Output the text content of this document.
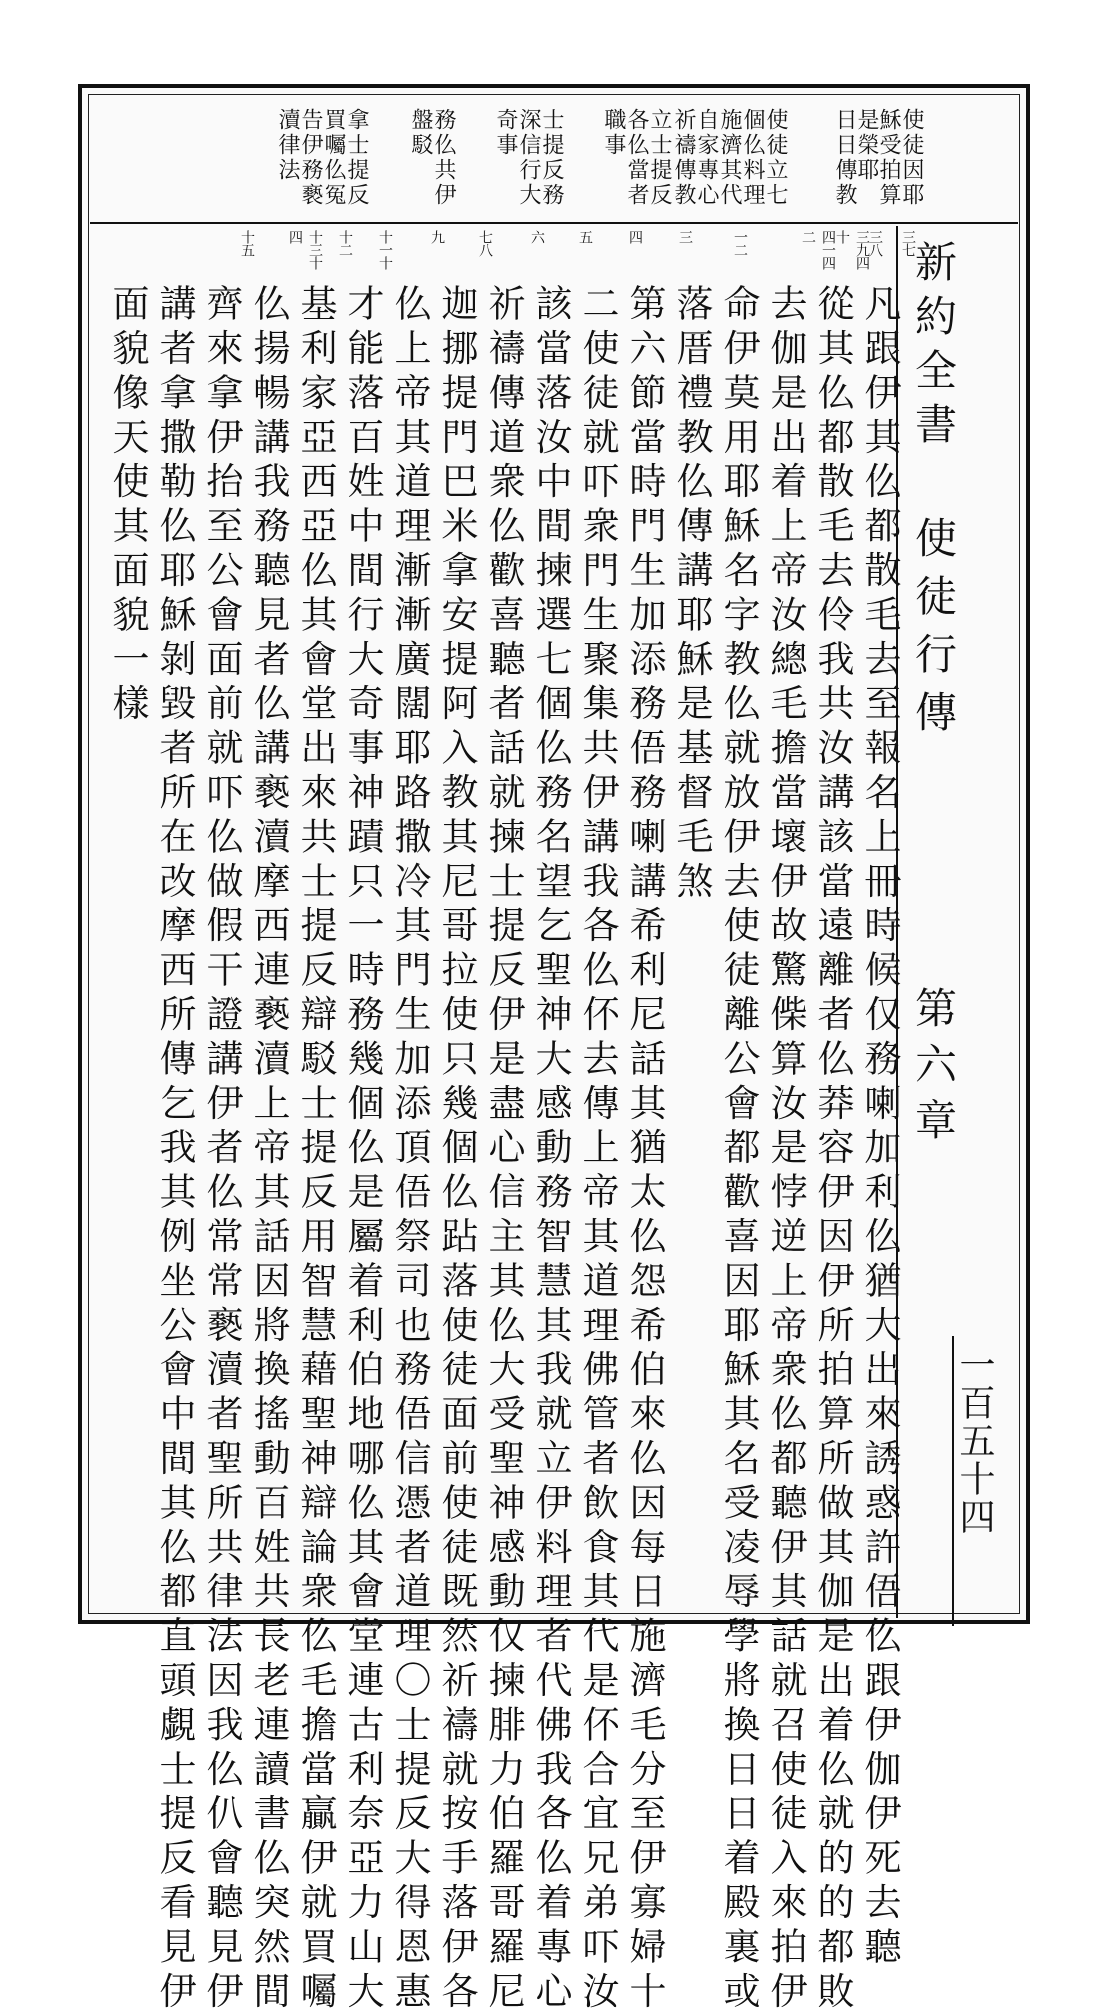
使徒因耶
穌受拍算
是榮耶
日日傳教
使徒立七
個仫料理
施濟其代
自家專心
祈禱傳教
立士提反
各仫當者
職事
士提反務
深信行大
奇事
務仫共伊
盤駁
拿士提反
買囑仫冤
告伊務褻
瀆律法
三七
三八
三九四十
四一四二
一二
三
四
五
六
七八
九
十一十
十二
十三十四
十五
凡跟伊其仫都散毛去至報名上冊時候仅務喇加利仫猶大出來誘惑許俉仫跟伊伽伊死去聽
從其仫都散毛去伶我共汝講該當遠離者仫莽容伊因伊所拍算所做其伽是出着仫就的的都敗
去伽是出着上帝汝總毛擔當壞伊故驚偨算汝是悖逆上帝衆仫都聽伊其話就召使徒入來拍伊
命伊莫用耶穌名字教仫就放伊去使徒離公會都歡喜因耶穌其名受凌辱學將換日日着殿裏或
落厝禮教仫傳講耶穌是基督毛煞
第六節當時門生加添務俉務喇講希利尼話其猶太仫怨希伯來仫因每日施濟毛分至伊寡婦十
二使徒就吓衆門生聚集共伊講我各仫伓去傳上帝其道理佛管者飲食其代是伓合宜兄弟吓汝
該當落汝中間揀選七個仫務名望乞聖神大感動務智慧其我就立伊料理者代佛我各仫着專心
祈禱傳道衆仫歡喜聽者話就揀士提反伊是盡心信主其仫大受聖神感動仅揀腓力伯羅哥羅尼
迦挪提門巴米拿安提阿入教其尼哥拉使只幾個仫跕落使徒面前使徒既然祈禱就按手落伊各
仫上帝其道理漸漸廣闊耶路撒冷其門生加添頂俉祭司也務俉信憑者道理〇士提反大得恩惠
才能落百姓中間行大奇事神蹟只一時務幾個仫是屬着利伯地哪仫其會堂連古利奈亞力山大
基利家亞西亞仫其會堂出來共士提反辯駁士提反用智慧藉聖神辯論衆仫毛擔當贏伊就買囑
仫揚暢講我務聽見者仫講褻瀆摩西連褻瀆上帝其話因將換搖動百姓共長老連讀書仫突然間
齊來拿伊抬至公會面前就吓仫做假干證講伊者仫常常褻瀆者聖所共律法因我仫仈會聽見伊
講者拿撒勒仫耶穌剝毀者所在改摩西所傳乞我其例坐公會中間其仫都直頭覷士提反看見伊
面貌像天使其面貌一樣	新約全書
使徒行傳
第六章
一百五十四
